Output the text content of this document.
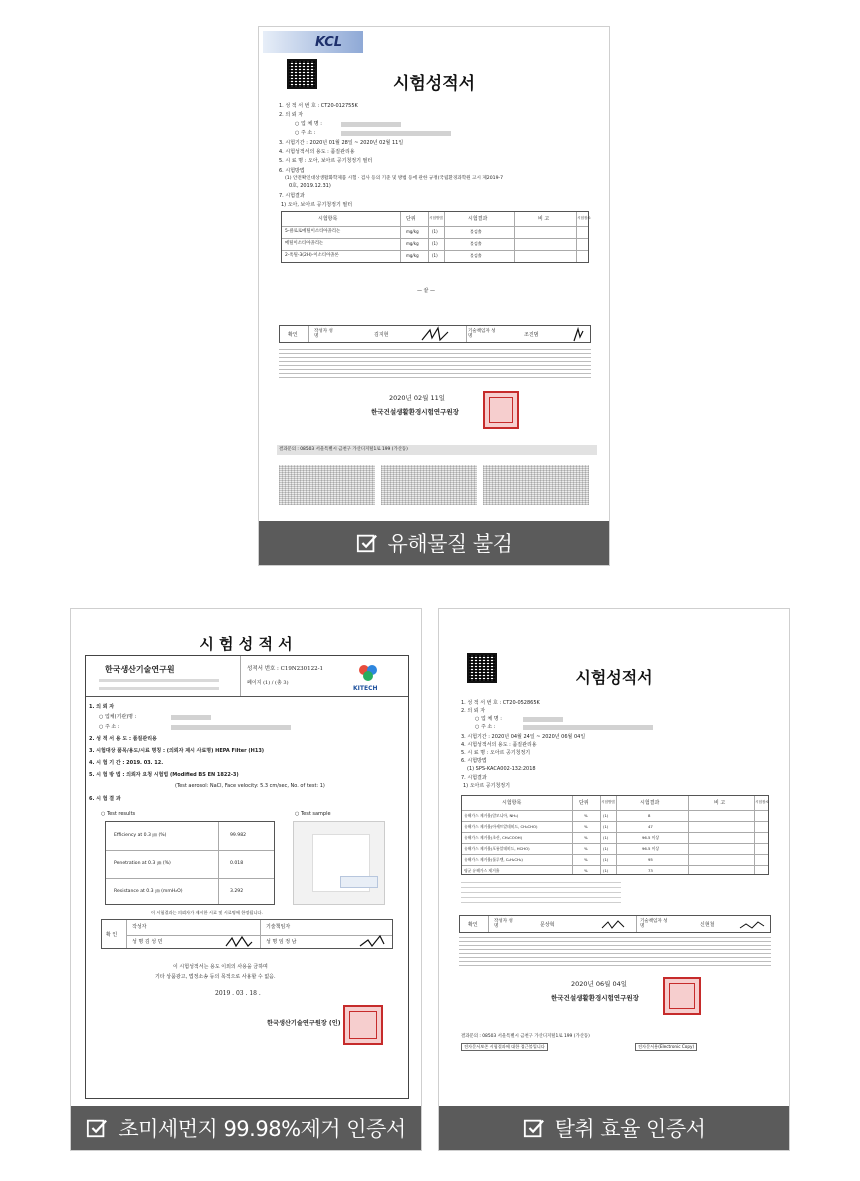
KCL
시험성적서
1. 성 적 서 번 호 : CT20-012755K
2. 의 뢰 자
○ 업 체 명 :
○ 주 소 :
3. 시험기간 : 2020년 01월 28일 ~ 2020년 02월 11일
4. 시험성적서의 용도 : 품질관리용
5. 시 료 명 : 오아, 보아르 공기청정기 필터
6. 시험방법
(1) 안전확인대상생활화학제품 시험 · 검사 등의 기준 및 방법 등에 관한 규정(국립환경과학원 고시 제2019-7
0호, 2019.12.31)
7. 시험결과
1) 오아, 보아르 공기청정기 필터
시험항목	단위	시험방법	시험결과	비 고	시험장소
5-클로로메틸이소티아졸리논	mg/kg	(1)	불검출
메틸이소티아졸리논	mg/kg	(1)	불검출
2-옥틸-3(2H)-이소티아졸론	mg/kg	(1)	불검출
— 끝 —
확인
작성자 성 명	김지현
기술책임자 성 명	조진범
2020년 02월 11일
한국건설생활환경시험연구원장
결과문의 : 08503 서울특별시 금천구 가산디지털1로 199 (가산동)
유해물질 불검
시 험 성 적 서
한국생산기술연구원	성적서 번호 : C19N230122-1
페이지 (1) / (총 3)
KITECH
1. 의 뢰 자
○ 업체(기관)명 :
○ 주 소 :
2. 성 적 서 용 도 : 품질관리용
3. 시험대상 품목/용도/시료 명칭 : (의뢰자 제시 사료명) HEPA Filter (H13)
4. 시 험 기 간 : 2019. 03. 12.
5. 시 험 방 법 : 의뢰자 요청 시험법 (Modified BS EN 1822-3)
(Test aerosol: NaCl, Face velocity: 5.3 cm/sec, No. of test: 1)
6. 시 험 결 과
○ Test results	○ Test sample
Efficiency at 0.3 ㎛ (%)	99.982
Penetration at 0.3 ㎛ (%)	0.018
Resistance at 0.3 ㎛ (mmH₂O)	3.292
이 시험결과는 의뢰자가 제시한 시료 및 시료명에 한정됩니다.
확 인
작성자
성 명 김 성 민
기술책임자
성 명 임 정 남
이 시험성적서는 용도 이외의 사용을 금하며
기타 상품광고, 법정소송 등의 목적으로 사용할 수 없음.
2019 . 03 . 18 .
한국생산기술연구원장 (인)
초미세먼지 99.98%제거 인증서
시험성적서
1. 성 적 서 번 호 : CT20-052865K
2. 의 뢰 자
○ 업 체 명 :
○ 주 소 :
3. 시험기간 : 2020년 04월 24일 ~ 2020년 06월 04일
4. 시험성적서의 용도 : 품질관리용
5. 시 료 명 : 오아르 공기청정기
6. 시험방법
(1) SPS-KACA002-132:2018
7. 시험결과
1) 오아르 공기청정기
시험항목	단위	시험방법	시험결과	비 고	시험장소
유해가스 제거율(암모니아, NH₃)	%	(1)	8
유해가스 제거율(아세트알데히드, CH₃CHO)	%	(1)	47
유해가스 제거율(초산, CH₃COOH)	%	(1)	96.5 이상
유해가스 제거율(포름알데히드, HCHO)	%	(1)	96.5 이상
유해가스 제거율(톨루엔, C₆H₅CH₃)	%	(1)	95
평균 유해가스 제거율	%	(1)	73
확인
작성자 성 명	문상혁
기술책임자 성 명	신현철
2020년 06월 04일
한국건설생활환경시험연구원장
결과문의 : 08503 서울특별시 금천구 가산디지털1로 199 (가산동)
전자문서보존 시험결과에 대한 접근불입니다	전자문서용(Electronic Copy)
탈취 효율 인증서
